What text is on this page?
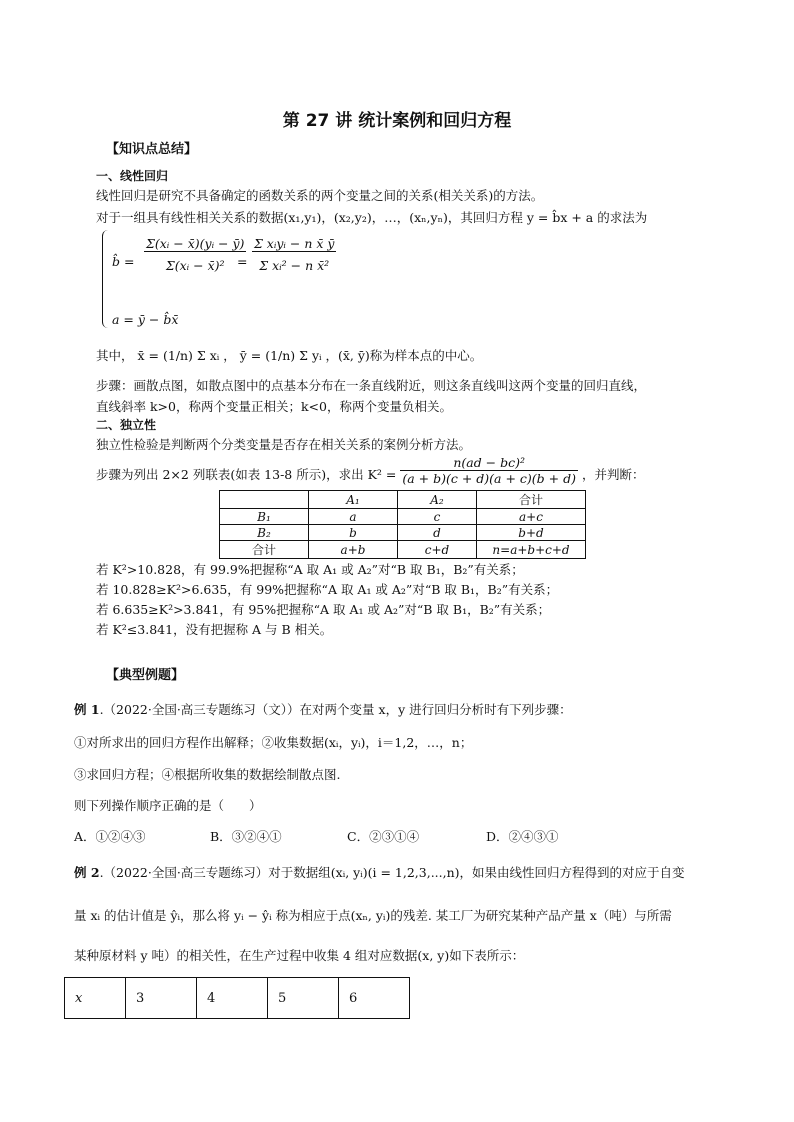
第 27 讲 统计案例和回归方程
【知识点总结】
一、线性回归
线性回归是研究不具备确定的函数关系的两个变量之间的关系(相关关系)的方法。
对于一组具有线性相关关系的数据(x₁,y₁)，(x₂,y₂)，…，(xₙ,yₙ)，其回归方程 y = b̂x + a 的求法为
b̂ = $\frac{\text{Σ(xᵢ − x̄)(yᵢ − ȳ)}}{\text{Σ(xᵢ − x̄)²}}$
= $\frac{\text{Σ xᵢyᵢ − n x̄ ȳ}}{\text{Σ xᵢ² − n x̄²}}$
a = ȳ − b̂x̄
其中， x̄ = (1/n) Σ xᵢ ， ȳ = (1/n) Σ yᵢ ，(x̄, ȳ)称为样本点的中心。
步骤：画散点图，如散点图中的点基本分布在一条直线附近，则这条直线叫这两个变量的回归直线，
直线斜率 k>0，称两个变量正相关；k<0，称两个变量负相关。
二、独立性
独立性检验是判断两个分类变量是否存在相关关系的案例分析方法。
步骤为列出 2×2 列联表(如表 13-8 所示)，求出 $K^2 = \frac{\text{n(ad − bc)²}}{(a + b)(c + d)(a + c)(b + d)}$ ，并判断：
	A₁	A₂	合计
B₁	a	c	a+c
B₂	b	d	b+d
合计	a+b	c+d	n=a+b+c+d
若 K²>10.828，有 99.9%把握称“A 取 A₁ 或 A₂”对“B 取 B₁，B₂”有关系；
若 10.828≥K²>6.635，有 99%把握称“A 取 A₁ 或 A₂”对“B 取 B₁，B₂”有关系；
若 6.635≥K²>3.841，有 95%把握称“A 取 A₁ 或 A₂”对“B 取 B₁，B₂”有关系；
若 K²≤3.841，没有把握称 A 与 B 相关。
【典型例题】
例 1.（2022·全国·高三专题练习（文））在对两个变量 x，y 进行回归分析时有下列步骤：
①对所求出的回归方程作出解释；②收集数据(xᵢ，yᵢ)，i＝1,2，…，n；
③求回归方程；④根据所收集的数据绘制散点图.
则下列操作顺序正确的是（　　）
A．①②④③	B．③②④①	C．②③①④	D．②④③①
例 2.（2022·全国·高三专题练习）对于数据组(xᵢ, yᵢ)(i = 1,2,3,...,n)，如果由线性回归方程得到的对应于自变
量 xᵢ 的估计值是 ŷᵢ，那么将 yᵢ − ŷᵢ 称为相应于点(xₙ, yᵢ)的残差. 某工厂为研究某种产品产量 x（吨）与所需
某种原材料 y 吨）的相关性，在生产过程中收集 4 组对应数据(x, y)如下表所示：
x	3	4	5	6
